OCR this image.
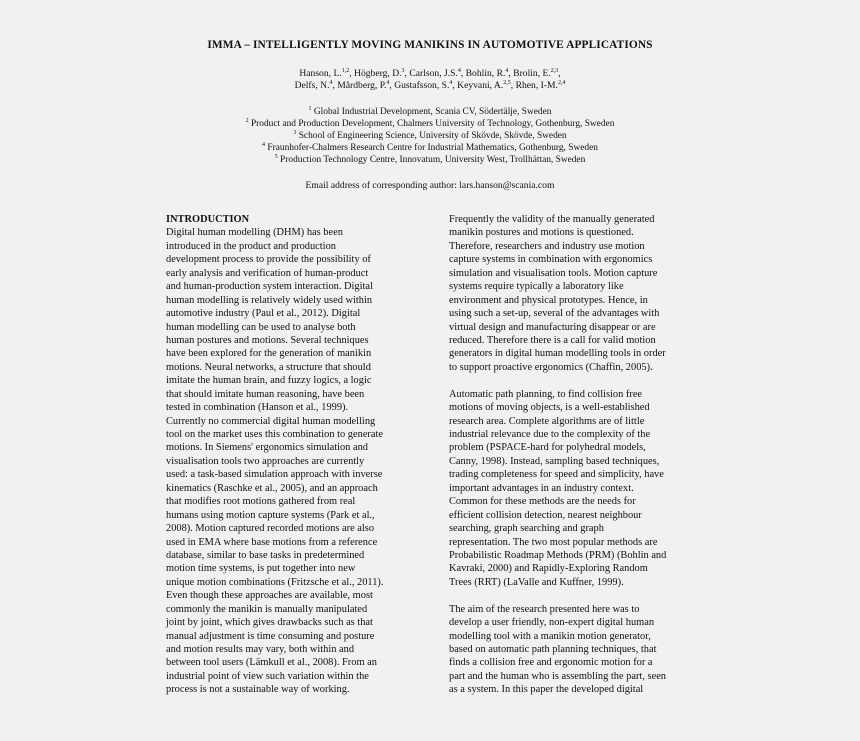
IMMA – INTELLIGENTLY MOVING MANIKINS IN AUTOMOTIVE APPLICATIONS
Hanson, L.$^{1,2}$, Högberg, D.$^3$, Carlson, J.S.$^4$, Bohlin, R.$^4$, Brolin, E.$^{2,3}$,
Delfs, N.$^4$, Mårdberg, P.$^4$, Gustafsson, S.$^4$, Keyvani, A.$^{2,5}$, Rhen, I-M.$^{2,4}$
$^1$ Global Industrial Development, Scania CV, Södertälje, Sweden
$^2$ Product and Production Development, Chalmers University of Technology, Gothenburg, Sweden
$^3$ School of Engineering Science, University of Skövde, Skövde, Sweden
$^4$ Fraunhofer-Chalmers Research Centre for Industrial Mathematics, Gothenburg, Sweden
$^5$ Production Technology Centre, Innovatum, University West, Trollhättan, Sweden
Email address of corresponding author: lars.hanson@scania.com
INTRODUCTION
Digital human modelling (DHM) has been
introduced in the product and production
development process to provide the possibility of
early analysis and verification of human-product
and human-production system interaction. Digital
human modelling is relatively widely used within
automotive industry (Paul et al., 2012). Digital
human modelling can be used to analyse both
human postures and motions. Several techniques
have been explored for the generation of manikin
motions. Neural networks, a structure that should
imitate the human brain, and fuzzy logics, a logic
that should imitate human reasoning, have been
tested in combination (Hanson et al., 1999).
Currently no commercial digital human modelling
tool on the market uses this combination to generate
motions. In Siemens' ergonomics simulation and
visualisation tools two approaches are currently
used: a task-based simulation approach with inverse
kinematics (Raschke et al., 2005), and an approach
that modifies root motions gathered from real
humans using motion capture systems (Park et al.,
2008). Motion captured recorded motions are also
used in EMA where base motions from a reference
database, similar to base tasks in predetermined
motion time systems, is put together into new
unique motion combinations (Fritzsche et al., 2011).
Even though these approaches are available, most
commonly the manikin is manually manipulated
joint by joint, which gives drawbacks such as that
manual adjustment is time consuming and posture
and motion results may vary, both within and
between tool users (Lämkull et al., 2008). From an
industrial point of view such variation within the
process is not a sustainable way of working.
Frequently the validity of the manually generated
manikin postures and motions is questioned.
Therefore, researchers and industry use motion
capture systems in combination with ergonomics
simulation and visualisation tools. Motion capture
systems require typically a laboratory like
environment and physical prototypes. Hence, in
using such a set-up, several of the advantages with
virtual design and manufacturing disappear or are
reduced. Therefore there is a call for valid motion
generators in digital human modelling tools in order
to support proactive ergonomics (Chaffin, 2005).
Automatic path planning, to find collision free
motions of moving objects, is a well-established
research area. Complete algorithms are of little
industrial relevance due to the complexity of the
problem (PSPACE-hard for polyhedral models,
Canny, 1998). Instead, sampling based techniques,
trading completeness for speed and simplicity, have
important advantages in an industry context.
Common for these methods are the needs for
efficient collision detection, nearest neighbour
searching, graph searching and graph
representation. The two most popular methods are
Probabilistic Roadmap Methods (PRM) (Bohlin and
Kavraki, 2000) and Rapidly-Exploring Random
Trees (RRT) (LaValle and Kuffner, 1999).
The aim of the research presented here was to
develop a user friendly, non-expert digital human
modelling tool with a manikin motion generator,
based on automatic path planning techniques, that
finds a collision free and ergonomic motion for a
part and the human who is assembling the part, seen
as a system. In this paper the developed digital
